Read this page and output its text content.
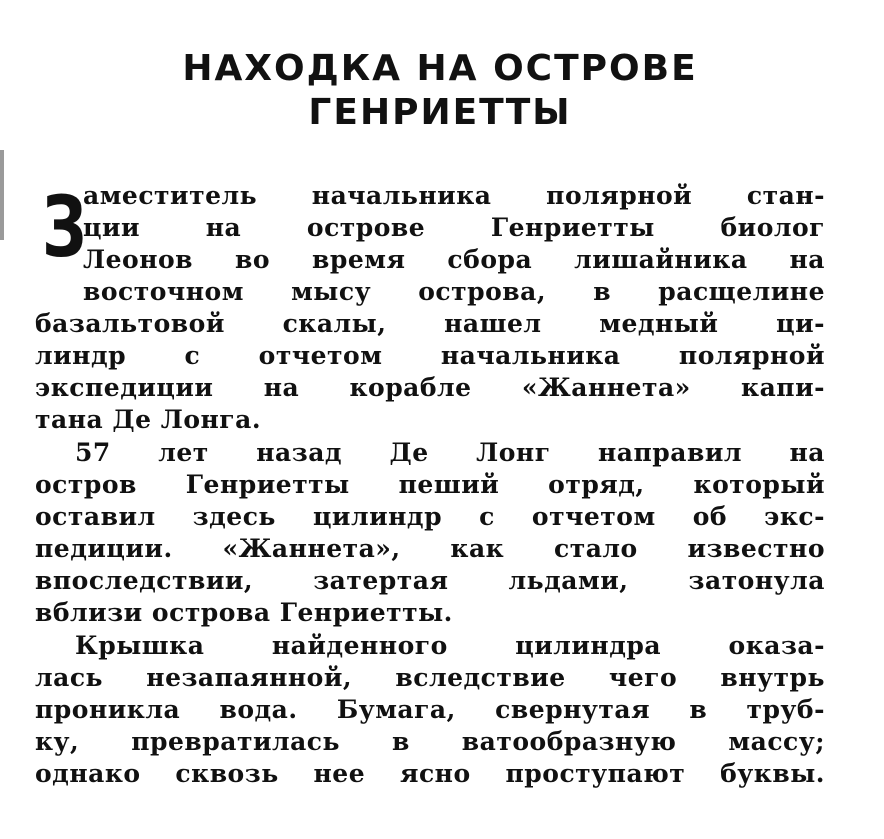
НАХОДКА НА ОСТРОВЕ
ГЕНРИЕТТЫ
З
аместитель начальника полярной стан-
ции на острове Генриетты биолог
Леонов во время сбора лишайника на
восточном мысу острова, в расщелине
базальтовой скалы, нашел медный ци-
линдр с отчетом начальника полярной
экспедиции на корабле «Жаннета» капи-
тана Де Лонга.
57 лет назад Де Лонг направил на
остров Генриетты пеший отряд, который
оставил здесь цилиндр с отчетом об экс-
педиции. «Жаннета», как стало известно
впоследствии, затертая льдами, затонула
вблизи острова Генриетты.
Крышка найденного цилиндра оказа-
лась незапаянной, вследствие чего внутрь
проникла вода. Бумага, свернутая в труб-
ку, превратилась в ватообразную массу;
однако сквозь нее ясно проступают буквы.
